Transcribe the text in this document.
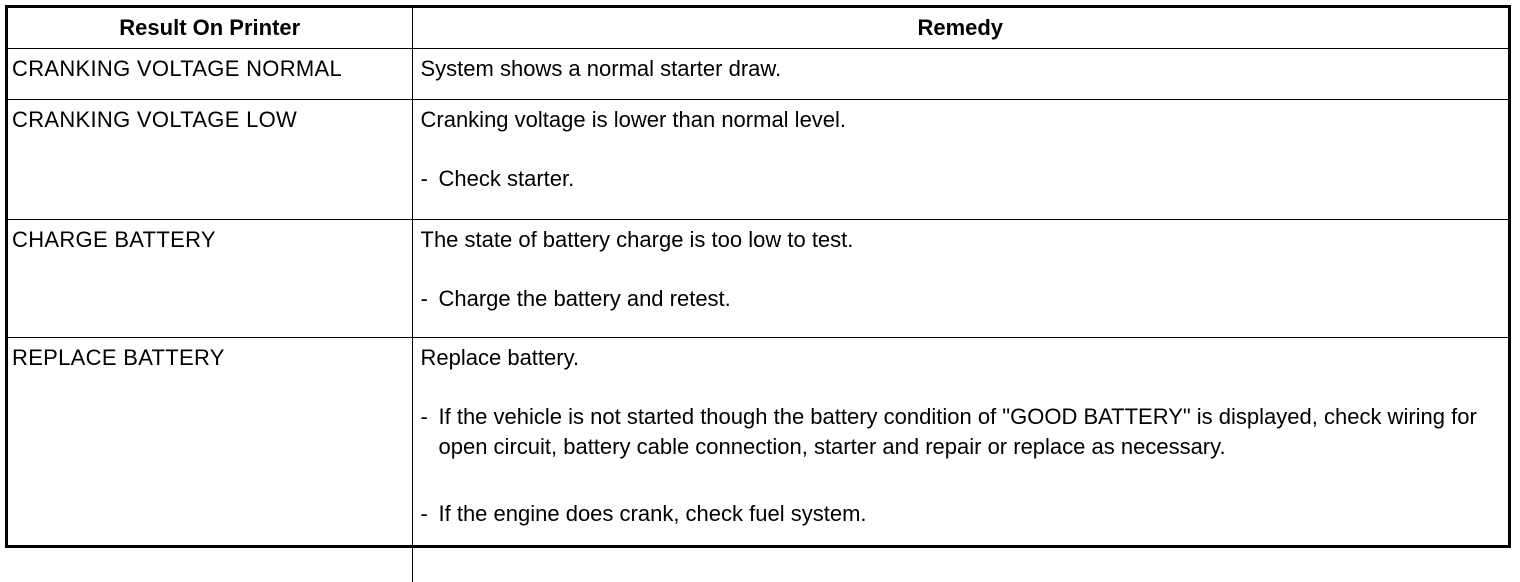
Result On Printer	Remedy
CRANKING VOLTAGE NORMAL	System shows a normal starter draw.

CRANKING VOLTAGE LOW	Cranking voltage is lower than normal level.

- Check starter.

CHARGE BATTERY	The state of battery charge is too low to test.

- Charge the battery and retest.

REPLACE BATTERY	Replace battery.

- If the vehicle is not started though the battery condition of "GOOD BATTERY" is displayed, check wiring for open circuit, battery cable connection, starter and repair or replace as necessary.
- If the engine does crank, check fuel system.
